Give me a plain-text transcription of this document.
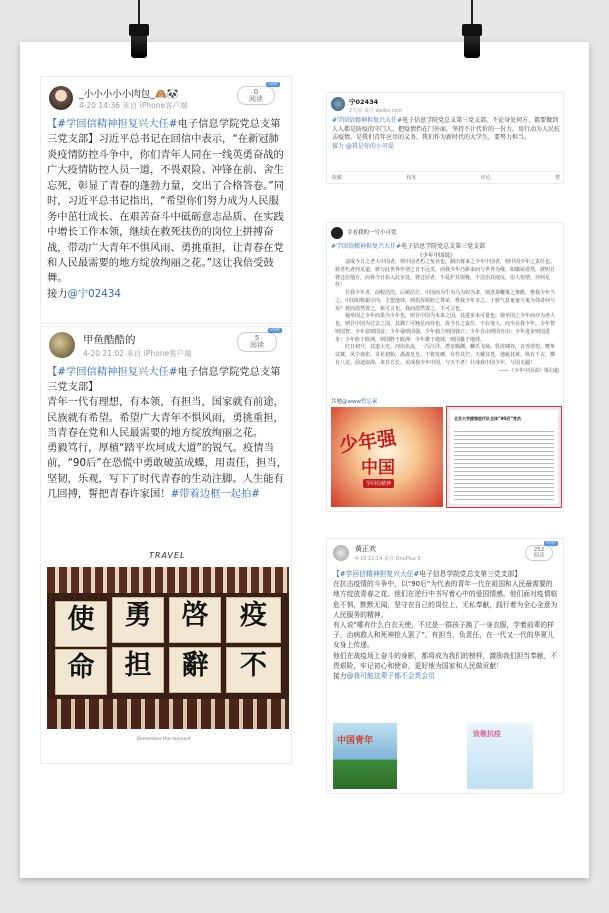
_小小小小小肉包_🙈🐼
4-20 14:36 来自 iPhone客户端
周榜
0
阅读
【#学回信精神担复兴大任#电子信息学院党总支第三党支部】习近平总书记在回信中表示，“在新冠肺炎疫情防控斗争中，你们青年人同在一线英勇奋战的广大疫情防控人员一道，不畏艰险、冲锋在前、舍生忘死，彰显了青春的蓬勃力量，交出了合格答卷。”同时，习近平总书记指出，“希望你们努力成为人民服务中茁壮成长、在艰苦奋斗中砥砺意志品质、在实践中增长工作本领，继续在救死扶伤的岗位上拼搏奋战，带动广大青年不惧风雨、勇挑重担，让青春在党和人民最需要的地方绽放绚丽之花。”这让我倍受鼓舞。
接力@宁02434
甲鱼酷酷的
4-20 21:02 来自 iPhone客户端
周榜
5
阅读
【#学回信精神担复兴大任#电子信息学院党总支第三党支部】
青年一代有理想，有本领，有担当，国家就有前途，民族就有希望。希望广大青年不惧风雨，勇挑重担，当青春在党和人民最需要的地方绽放绚丽之花。
勇毅笃行，厚植“踏平坎坷成大道”的锐气。疫情当前，“90后”在恐慌中勇敢破茧成蝶，用责任，担当，坚韧，乐观，写下了时代青春的生动注脚。人生能有几回搏，誓把青春许家国！#带着边框一起拍#
TRAVEL
使	勇	啓	疫
命	担	辭	不
Remember the moment
宁02434
2天前 来自 weibo.com
#学回信精神担复兴大任#电子信息学院党总支第三党支部。不论身处何方，都要做到人人都是防疫的守门人，把疫情挡在门外面，坚持不计代价的一份力，用行动为人民抗击疫情，是我们青年应尽的义务，我们作为新时代的大学生，要努力担当。
接力 @我是你的小可爱
收藏	转发	评论	赞
幸看我的一号小可爱
#学回信精神担复兴大任#电子信息学院党总支第三党支部
《少年中国说》

造成今日之老大中国者，则中国老朽之冤业也。制出将来之少年中国者，则中国少年之责任也。彼老朽者何足道，彼与此世界作别之日不远矣，而我少年乃新来而与世界为缘。如僦屋者然，彼明日将迁居他方，而我今日始入此室处。将迁居者，不爱护其窗栊，不洁治其庭庑，俗人恒情，亦何足怪！

若我少年者，前程浩浩，后顾茫茫。中国而为牛为马为奴为隶，则烹脔鞭箠之惨酷，惟我少年当之。中国如称霸宇内，主盟地球，则指挥顾盼之尊荣，惟我少年享之。于彼气息奄奄与鬼为邻者何与焉？彼而漠然置之，犹可言也。我而漠然置之，不可言也。

使举国之少年而果为少年也，则吾中国为未来之国，其进步未可量也。使举国之少年而亦为老大也，则吾中国为过去之国，其澌亡可翘足而待也。故今日之责任，不在他人，而全在我少年。少年智则国智，少年富则国富；少年强则国强，少年独立则国独立；少年自由则国自由；少年进步则国进步；少年胜于欧洲，则国胜于欧洲；少年雄于地球，则国雄于地球。

红日初升，其道大光。河出伏流，一泻汪洋。潜龙腾渊，鳞爪飞扬。乳虎啸谷，百兽震惶。鹰隼试翼，风尘翕张。奇花初胎，矞矞皇皇。干将发硎，有作其芒。天戴其苍，地履其黄。纵有千古，横有八荒。前途似海，来日方长。美哉我少年中国，与天不老！壮哉我中国少年，与国无疆！

——《少年中国说》梁启超

共勉@www暂忘素
少年强
中国
学回信精神
北京大学援鄂医疗队全体“90后”党员：
黄正欢
4-18 22:14 来自 OnePlus 5
周榜
252
阅读
【#学回信精神担复兴大任#电子信息学院党总支第三党支部】
在抗击疫情的斗争中，以“90后”为代表的青年一代在祖国和人民最需要的地方绽放青春之花。他们在逆行中书写着心中的爱国情感。他们面对疫情临危不惧，默默无闻，坚守在自己的岗位上，无私奉献，践行着为全心全意为人民服务的精神。
有人说“哪有什么白衣天使，不过是一群孩子换了一身衣服，学着前辈的样子，治病救人和死神抢人罢了”。有担当，负责任，在一代又一代的华夏儿女身上传递。
他们在战疫场上奋斗的身影，都将成为我们的榜样，激励我们担当奉献，不畏艰险，牢记初心和使命，更好地为国家和人民做贡献！
接力@我可能这辈子都不会秃会员
中国青年
致敬抗疫
